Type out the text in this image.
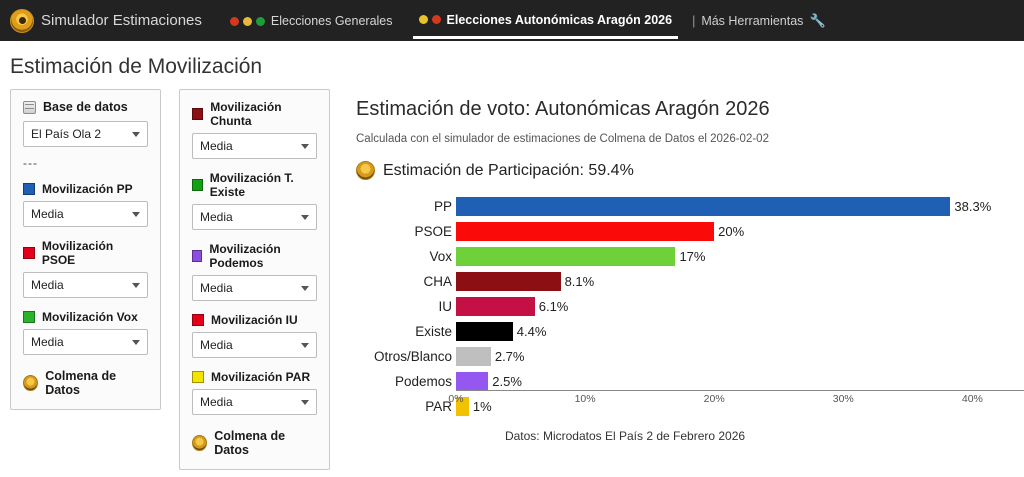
Simulador Estimaciones	Elecciones Generales	Elecciones Autonómicas Aragón 2026 | Más Herramientas 🔧
Estimación de Movilización
Base de datos
El País Ola 2
---
Movilización PP
Media
Movilización PSOE
Media
Movilización Vox
Media
Colmena de Datos
Movilización Chunta
Media
Movilización T. Existe
Media
Movilización Podemos
Media
Movilización IU
Media
Movilización PAR
Media
Colmena de Datos
Estimación de voto: Autonómicas Aragón 2026
Calculada con el simulador de estimaciones de Colmena de Datos el 2026-02-02
Estimación de Participación: 59.4%
PP	38.3%
PSOE	20%
Vox	17%
CHA	8.1%
IU	6.1%
Existe	4.4%
Otros/Blanco	2.7%
Podemos	2.5%
PAR	1%
0%	10%	20%	30%	40%
Datos: Microdatos El País 2 de Febrero 2026
